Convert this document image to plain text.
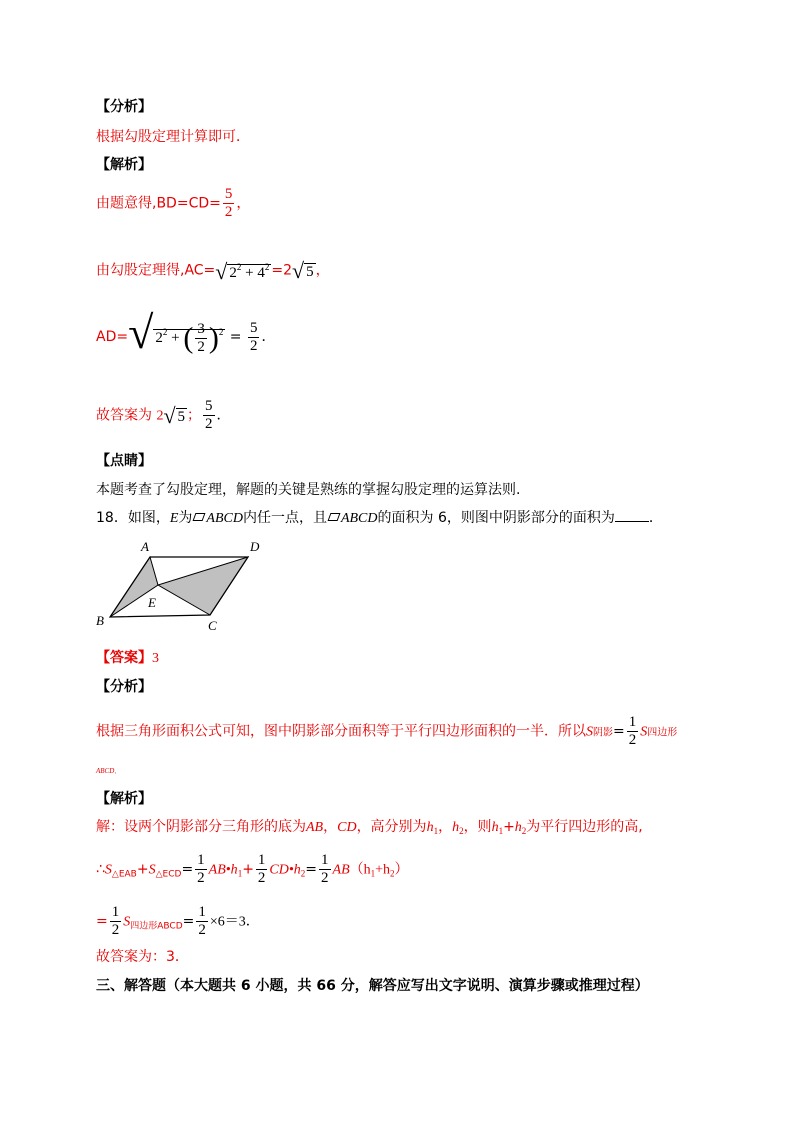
【分析】
根据勾股定理计算即可．
【解析】
由题意得$,BD=CD= \frac{5}{2}$ ，
由勾股定理得,AC=√ $2^2 + 4^2 =2√$ 5 ，
AD=√ $2^2$ + ( $\frac{3}{2} )^2 = \frac{5}{2}$ ．
故答案为 2√ 5 ； $\frac{5}{2}$ ．
【点睛】
本题考查了勾股定理，解题的关键是熟练的掌握勾股定理的运算法则.
18．如图，E为 ABCD内任一点，且 ABCD的面积为 6，则图中阴影部分的面积为 ．
A	D
E
B	C
【答案】3
【分析】
根据三角形面积公式可知，图中阴影部分面积等于平行四边形面积的一半．所以S阴影= $\frac{1}{2}$ S四边形
ABCD．
【解析】
解：设两个阴影部分三角形的底为AB，CD，高分别为$h_1$，$h_2$，则$h_1+h_2$为平行四边形的高,
$\therefore S_{\triangle EAB}+S_{\triangle ECD}= \frac{1}{2}$ $AB•h_1+ \frac{1}{2}$ $CD•h_2= \frac{1}{2} AB(h_1+h_2)$
= $\frac{1}{2} S_{四边形ABCD}= \frac{1}{2} \times 6=3$．
故答案为：3．
三、解答题（本大题共 6 小题，共 66 分，解答应写出文字说明、演算步骤或推理过程）
